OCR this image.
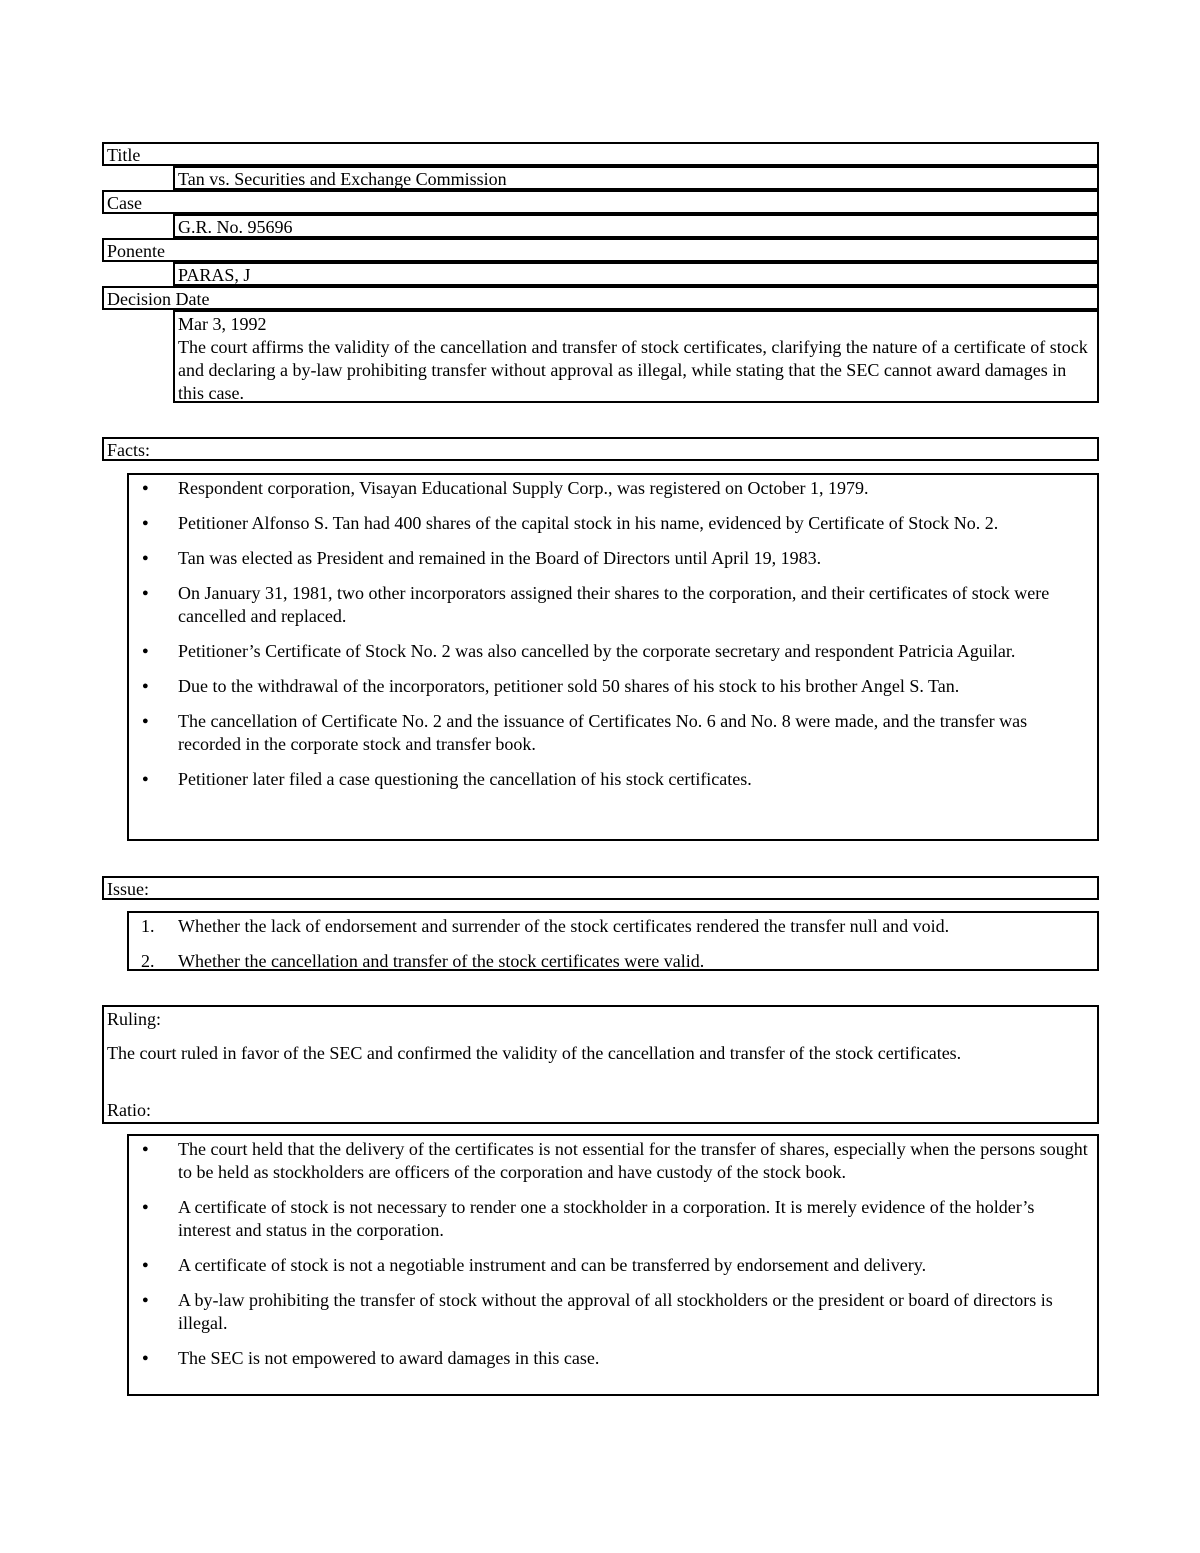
Title
Tan vs. Securities and Exchange Commission
Case
G.R. No. 95696
Ponente
PARAS, J
Decision Date
Mar 3, 1992
The court affirms the validity of the cancellation and transfer of stock certificates, clarifying the nature of a certificate of stock and declaring a by-law prohibiting transfer without approval as illegal, while stating that the SEC cannot award damages in this case.
Facts:
●
Respondent corporation, Visayan Educational Supply Corp., was registered on October 1, 1979.
●
Petitioner Alfonso S. Tan had 400 shares of the capital stock in his name, evidenced by Certificate of Stock No. 2.
●
Tan was elected as President and remained in the Board of Directors until April 19, 1983.
●
On January 31, 1981, two other incorporators assigned their shares to the corporation, and their certificates of stock were cancelled and replaced.
●
Petitioner’s Certificate of Stock No. 2 was also cancelled by the corporate secretary and respondent Patricia Aguilar.
●
Due to the withdrawal of the incorporators, petitioner sold 50 shares of his stock to his brother Angel S. Tan.
●
The cancellation of Certificate No. 2 and the issuance of Certificates No. 6 and No. 8 were made, and the transfer was recorded in the corporate stock and transfer book.
●
Petitioner later filed a case questioning the cancellation of his stock certificates.
Issue:
1.	Whether the lack of endorsement and surrender of the stock certificates rendered the transfer null and void.
2.	Whether the cancellation and transfer of the stock certificates were valid.

Ruling:

The court ruled in favor of the SEC and confirmed the validity of the cancellation and transfer of the stock certificates.

Ratio:

●
The court held that the delivery of the certificates is not essential for the transfer of shares, especially when the persons sought to be held as stockholders are officers of the corporation and have custody of the stock book.
●
A certificate of stock is not necessary to render one a stockholder in a corporation. It is merely evidence of the holder’s interest and status in the corporation.
●
A certificate of stock is not a negotiable instrument and can be transferred by endorsement and delivery.
●
A by-law prohibiting the transfer of stock without the approval of all stockholders or the president or board of directors is illegal.
●
The SEC is not empowered to award damages in this case.
